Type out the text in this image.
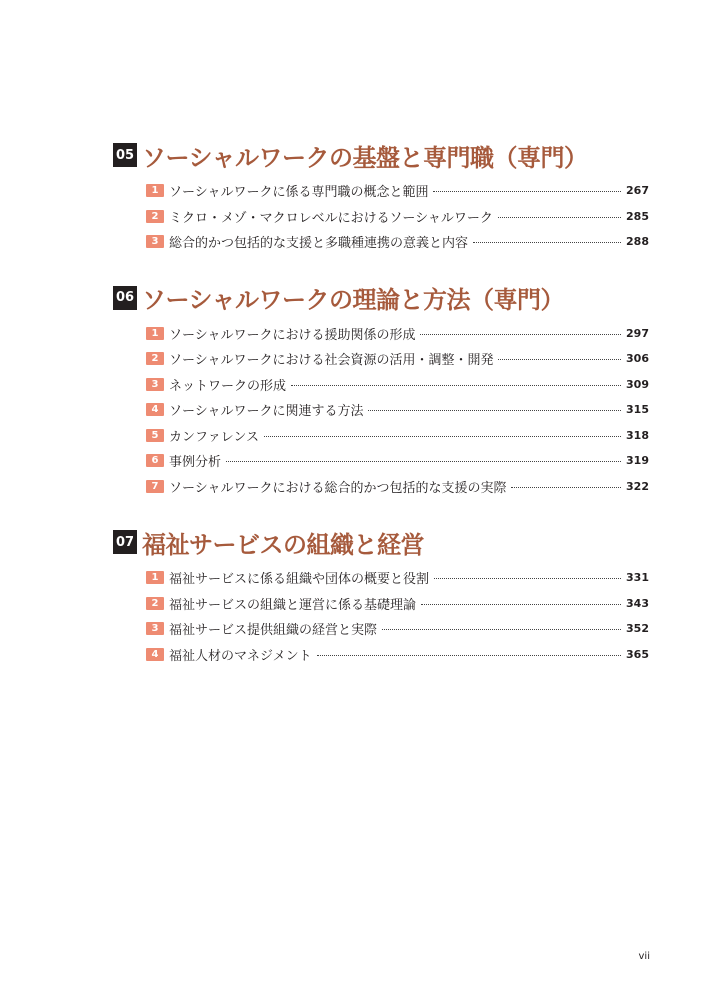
05 ソーシャルワークの基盤と専門職（専門）
1 ソーシャルワークに係る専門職の概念と範囲	267
2 ミクロ・メゾ・マクロレベルにおけるソーシャルワーク	285
3 総合的かつ包括的な支援と多職種連携の意義と内容	288
06 ソーシャルワークの理論と方法（専門）
1 ソーシャルワークにおける援助関係の形成	297
2 ソーシャルワークにおける社会資源の活用・調整・開発	306
3 ネットワークの形成	309
4 ソーシャルワークに関連する方法	315
5 カンファレンス	318
6 事例分析	319
7 ソーシャルワークにおける総合的かつ包括的な支援の実際	322
07 福祉サービスの組織と経営
1 福祉サービスに係る組織や団体の概要と役割	331
2 福祉サービスの組織と運営に係る基礎理論	343
3 福祉サービス提供組織の経営と実際	352
4 福祉人材のマネジメント	365
vii
